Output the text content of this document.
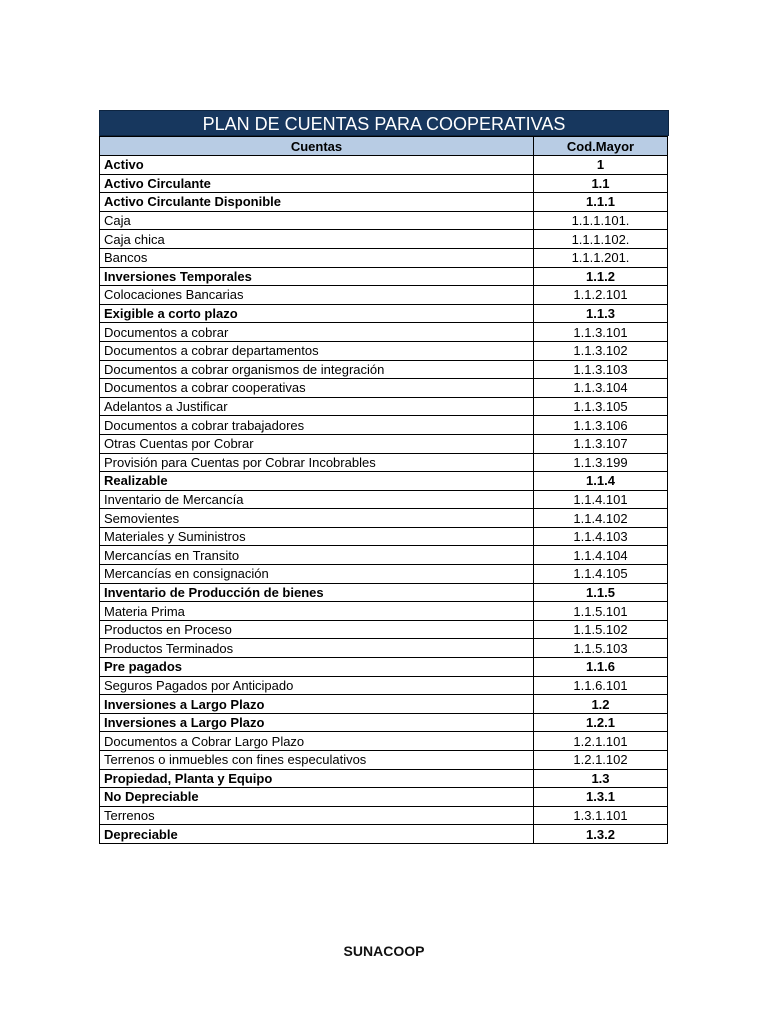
PLAN DE CUENTAS PARA COOPERATIVAS
Cuentas	Cod.Mayor
Activo	1
Activo Circulante	1.1
Activo Circulante Disponible	1.1.1
Caja	1.1.1.101.
Caja chica	1.1.1.102.
Bancos	1.1.1.201.
Inversiones Temporales	1.1.2
Colocaciones Bancarias	1.1.2.101
Exigible a corto plazo	1.1.3
Documentos a cobrar	1.1.3.101
Documentos a cobrar departamentos	1.1.3.102
Documentos a cobrar organismos de integración	1.1.3.103
Documentos a cobrar cooperativas	1.1.3.104
Adelantos a Justificar	1.1.3.105
Documentos a cobrar trabajadores	1.1.3.106
Otras Cuentas por Cobrar	1.1.3.107
Provisión para Cuentas por Cobrar Incobrables	1.1.3.199
Realizable	1.1.4
Inventario de Mercancía	1.1.4.101
Semovientes	1.1.4.102
Materiales y Suministros	1.1.4.103
Mercancías en Transito	1.1.4.104
Mercancías en consignación	1.1.4.105
Inventario de Producción de bienes	1.1.5
Materia Prima	1.1.5.101
Productos en Proceso	1.1.5.102
Productos Terminados	1.1.5.103
Pre pagados	1.1.6
Seguros Pagados por Anticipado	1.1.6.101
Inversiones a Largo Plazo	1.2
Inversiones a Largo Plazo	1.2.1
Documentos a Cobrar Largo Plazo	1.2.1.101
Terrenos o inmuebles con fines especulativos	1.2.1.102
Propiedad, Planta y Equipo	1.3
No Depreciable	1.3.1
Terrenos	1.3.1.101
Depreciable	1.3.2
SUNACOOP
